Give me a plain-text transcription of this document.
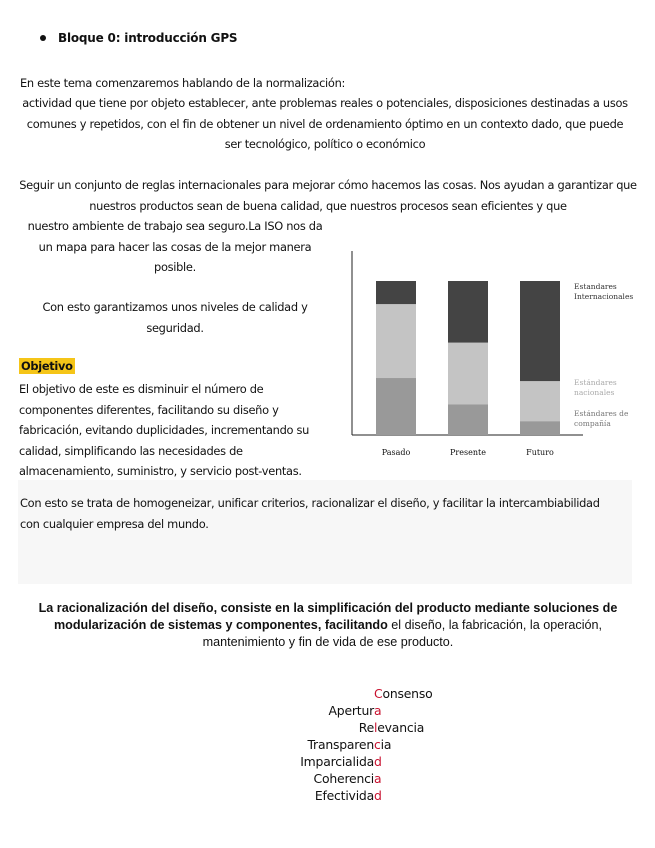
Bloque 0: introducción GPS
En este tema comenzaremos hablando de la normalización:
actividad que tiene por objeto establecer, ante problemas reales o potenciales, disposiciones destinadas a usos comunes y repetidos, con el fin de obtener un nivel de ordenamiento óptimo en un contexto dado, que puede ser tecnológico, político o económico
Seguir un conjunto de reglas internacionales para mejorar cómo hacemos las cosas. Nos ayudan a garantizar que nuestros productos sean de buena calidad, que nuestros procesos sean eficientes y que
nuestro ambiente de trabajo sea seguro.La ISO nos da un mapa para hacer las cosas de la mejor manera posible.
Con esto garantizamos unos niveles de calidad y seguridad.
Objetivo
El objetivo de este es disminuir el número de componentes diferentes, facilitando su diseño y fabricación, evitando duplicidades, incrementando su calidad, simplificando las necesidades de almacenamiento, suministro, y servicio post-ventas.
Pasado	Presente	Futuro
Estandares
Internacionales
Estándares
nacionales
Estándares de
compañía
Con esto se trata de homogeneizar, unificar criterios, racionalizar el diseño, y facilitar la intercambiabilidad con cualquier empresa del mundo.
La racionalización del diseño, consiste en la simplificación del producto mediante soluciones de modularización de sistemas y componentes, facilitando el diseño, la fabricación, la operación, mantenimiento y fin de vida de ese producto.
Consenso
Apertura
Relevancia
Transparencia
Imparcialidad
Coherencia
Efectividad
